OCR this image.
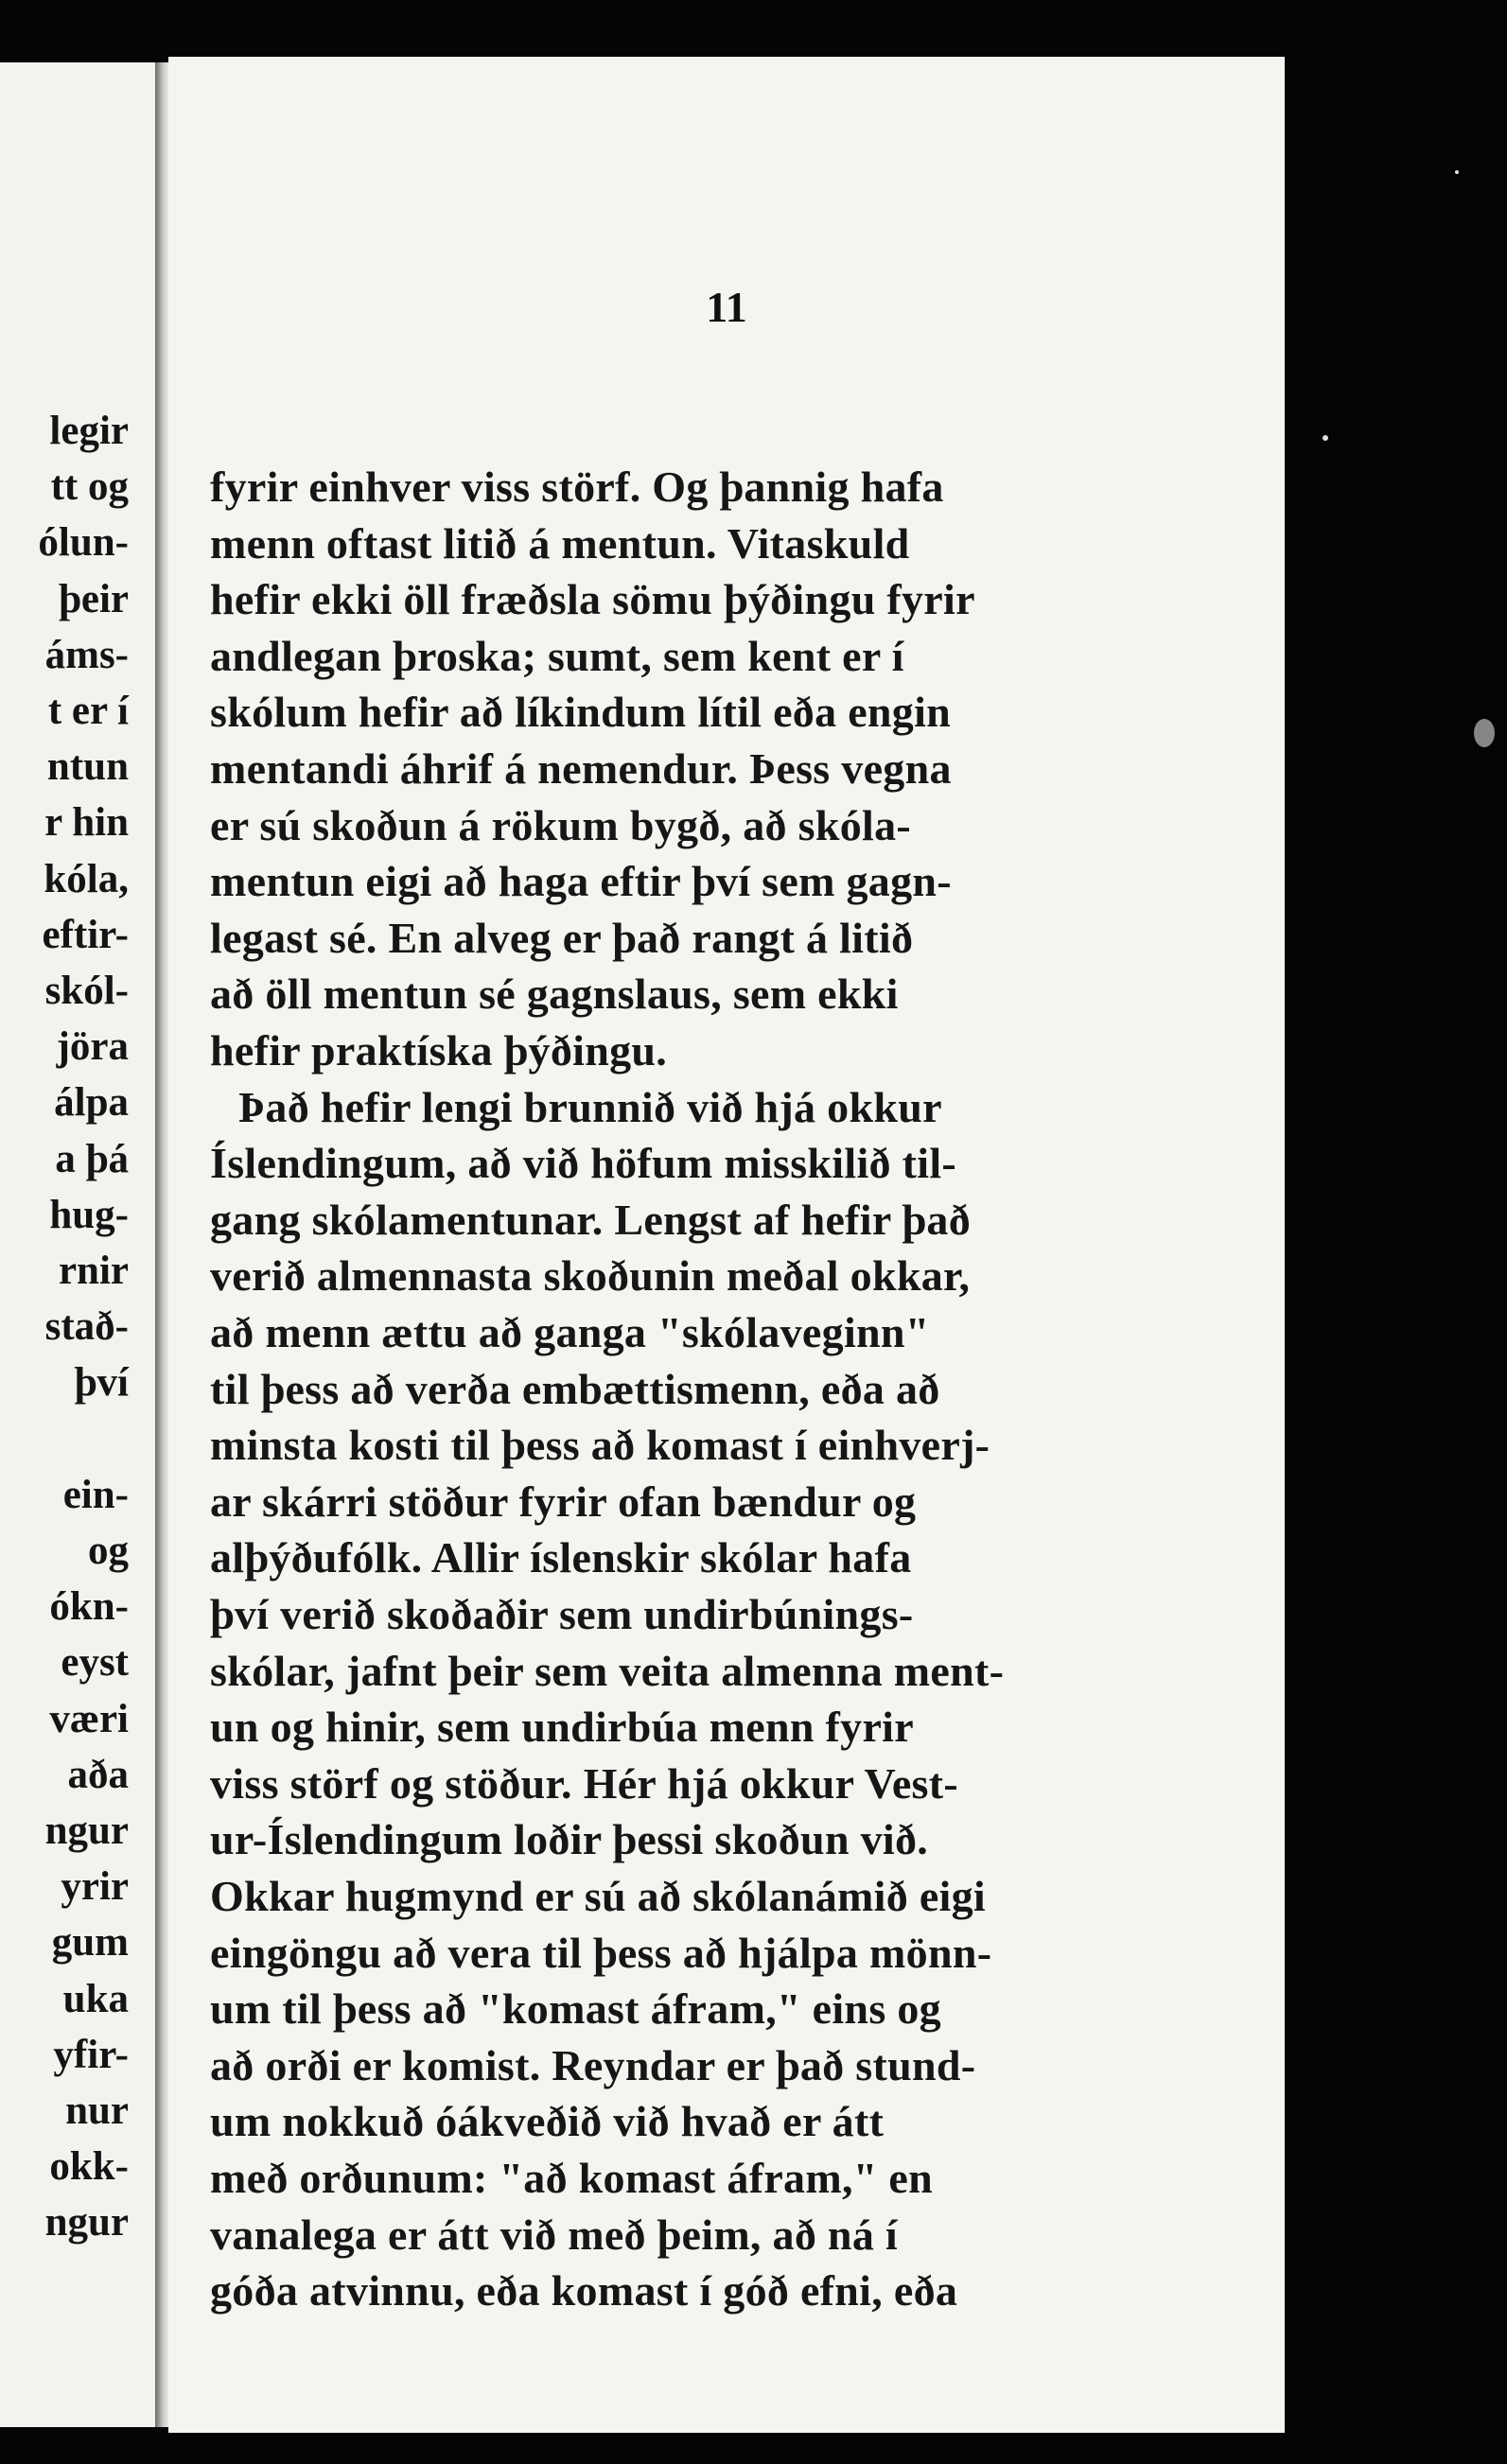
legir
tt og
ólun-
þeir
áms-
t er í
ntun
r hin
kóla,
eftir-
skól-
jöra
álpa
a þá
hug-
rnir
stað-
því
ein-
og
ókn-
eyst
væri
aða
ngur
yrir
gum
uka
yfir-
nur
okk-
ngur
11
fyrir einhver viss störf. Og þannig hafa
menn oftast litið á mentun. Vitaskuld
hefir ekki öll fræðsla sömu þýðingu fyrir
andlegan þroska; sumt, sem kent er í
skólum hefir að líkindum lítil eða engin
mentandi áhrif á nemendur. Þess vegna
er sú skoðun á rökum bygð, að skóla-
mentun eigi að haga eftir því sem gagn-
legast sé. En alveg er það rangt á litið
að öll mentun sé gagnslaus, sem ekki
hefir praktíska þýðingu.
Það hefir lengi brunnið við hjá okkur
Íslendingum, að við höfum misskilið til-
gang skólamentunar. Lengst af hefir það
verið almennasta skoðunin meðal okkar,
að menn ættu að ganga "skólaveginn"
til þess að verða embættismenn, eða að
minsta kosti til þess að komast í einhverj-
ar skárri stöður fyrir ofan bændur og
alþýðufólk. Allir íslenskir skólar hafa
því verið skoðaðir sem undirbúnings-
skólar, jafnt þeir sem veita almenna ment-
un og hinir, sem undirbúa menn fyrir
viss störf og stöður. Hér hjá okkur Vest-
ur-Íslendingum loðir þessi skoðun við.
Okkar hugmynd er sú að skólanámið eigi
eingöngu að vera til þess að hjálpa mönn-
um til þess að "komast áfram," eins og
að orði er komist. Reyndar er það stund-
um nokkuð óákveðið við hvað er átt
með orðunum: "að komast áfram," en
vanalega er átt við með þeim, að ná í
góða atvinnu, eða komast í góð efni, eða
